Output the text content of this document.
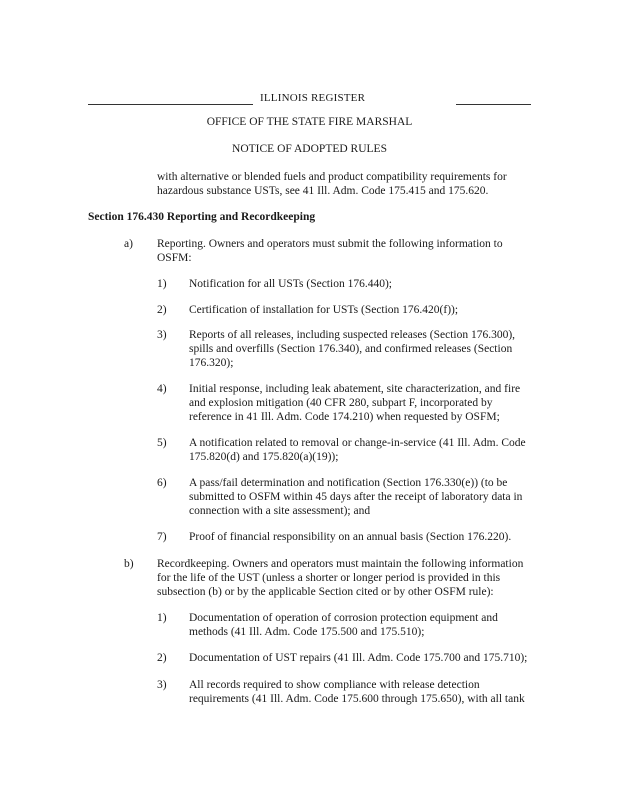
ILLINOIS REGISTER
OFFICE OF THE STATE FIRE MARSHAL
NOTICE OF ADOPTED RULES
with alternative or blended fuels and product compatibility requirements for
hazardous substance USTs, see 41 Ill. Adm. Code 175.415 and 175.620.
Section 176.430 Reporting and Recordkeeping
a) Reporting. Owners and operators must submit the following information to
OSFM:
1) Notification for all USTs (Section 176.440);
2) Certification of installation for USTs (Section 176.420(f));
3) Reports of all releases, including suspected releases (Section 176.300),
spills and overfills (Section 176.340), and confirmed releases (Section
176.320);
4) Initial response, including leak abatement, site characterization, and fire
and explosion mitigation (40 CFR 280, subpart F, incorporated by
reference in 41 Ill. Adm. Code 174.210) when requested by OSFM;
5) A notification related to removal or change-in-service (41 Ill. Adm. Code
175.820(d) and 175.820(a)(19));
6) A pass/fail determination and notification (Section 176.330(e)) (to be
submitted to OSFM within 45 days after the receipt of laboratory data in
connection with a site assessment); and
7) Proof of financial responsibility on an annual basis (Section 176.220).
b) Recordkeeping. Owners and operators must maintain the following information
for the life of the UST (unless a shorter or longer period is provided in this
subsection (b) or by the applicable Section cited or by other OSFM rule):
1) Documentation of operation of corrosion protection equipment and
methods (41 Ill. Adm. Code 175.500 and 175.510);
2) Documentation of UST repairs (41 Ill. Adm. Code 175.700 and 175.710);
3) All records required to show compliance with release detection
requirements (41 Ill. Adm. Code 175.600 through 175.650), with all tank
